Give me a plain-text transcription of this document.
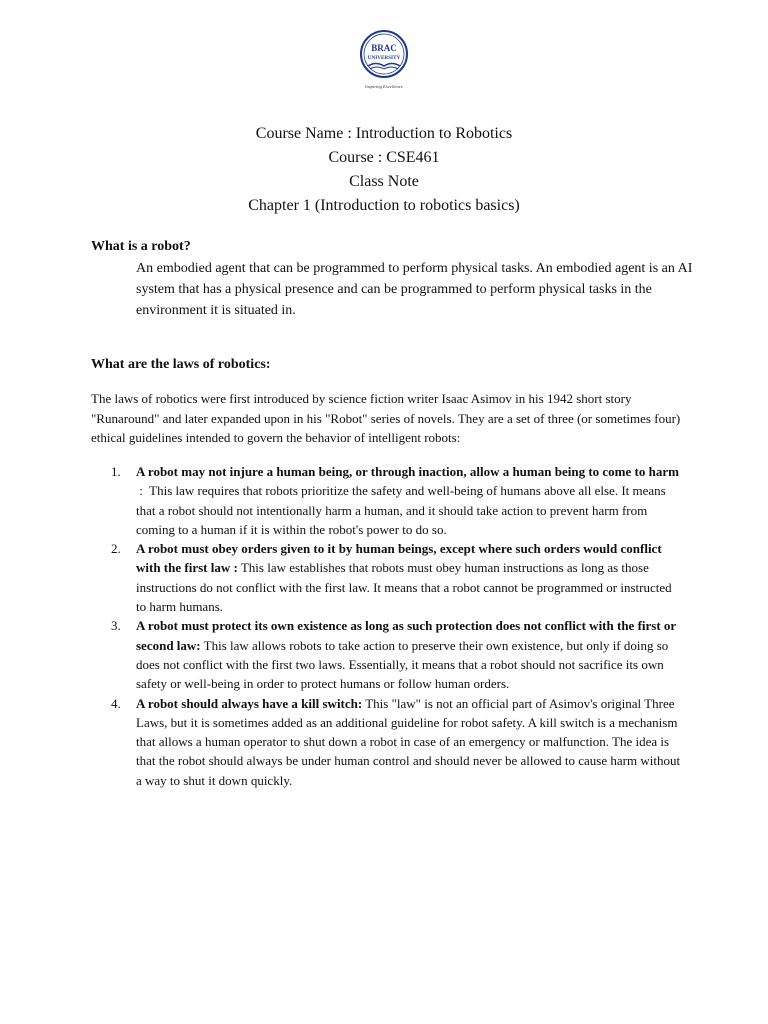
BRAC
UNIVERSITY
Inspiring Excellence
Course Name : Introduction to Robotics
Course : CSE461
Class Note
Chapter 1 (Introduction to robotics basics)
What is a robot?
An embodied agent that can be programmed to perform physical tasks. An embodied agent is an AI system that has a physical presence and can be programmed to perform physical tasks in the environment it is situated in.
What are the laws of robotics:
The laws of robotics were first introduced by science fiction writer Isaac Asimov in his 1942 short story "Runaround" and later expanded upon in his "Robot" series of novels. They are a set of three (or sometimes four) ethical guidelines intended to govern the behavior of intelligent robots:
1. A robot may not injure a human being, or through inaction, allow a human being to come to harm :  This law requires that robots prioritize the safety and well-being of humans above all else. It means that a robot should not intentionally harm a human, and it should take action to prevent harm from coming to a human if it is within the robot's power to do so.
2. A robot must obey orders given to it by human beings, except where such orders would conflict with the first law : This law establishes that robots must obey human instructions as long as those instructions do not conflict with the first law. It means that a robot cannot be programmed or instructed to harm humans.
3. A robot must protect its own existence as long as such protection does not conflict with the first or second law: This law allows robots to take action to preserve their own existence, but only if doing so does not conflict with the first two laws. Essentially, it means that a robot should not sacrifice its own safety or well-being in order to protect humans or follow human orders.
4. A robot should always have a kill switch: This "law" is not an official part of Asimov's original Three Laws, but it is sometimes added as an additional guideline for robot safety. A kill switch is a mechanism that allows a human operator to shut down a robot in case of an emergency or malfunction. The idea is that the robot should always be under human control and should never be allowed to cause harm without a way to shut it down quickly.
